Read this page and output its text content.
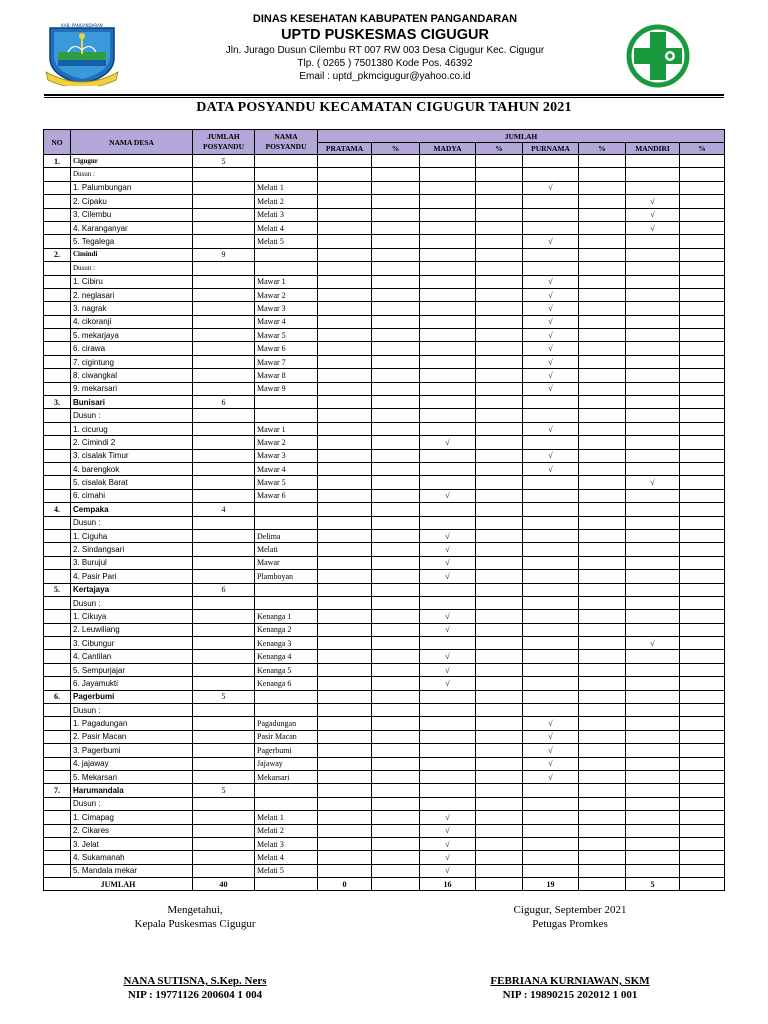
KAB. PANGANDARAN
DINAS KESEHATAN KABUPATEN PANGANDARAN
UPTD PUSKESMAS CIGUGUR
Jln. Jurago Dusun Cilembu RT 007 RW 003 Desa Cigugur Kec. Cigugur
Tlp. ( 0265 ) 7501380 Kode Pos. 46392
Email : uptd_pkmcigugur@yahoo.co.id
DATA POSYANDU KECAMATAN CIGUGUR TAHUN 2021
NO	NAMA DESA	JUMLAH POSYANDU	NAMA POSYANDU	JUMLAH							
				PRATAMA	%	MADYA	%	PURNAMA	%	MANDIRI	%
1.	Cigugur	5									
	Dusun :										
	1. Palumbungan		Melati 1					√			
	2. Cipaku		Melati 2							√	
	3. Cilembu		Melati 3							√	
	4. Karanganyar		Melati 4							√	
	5. Tegalega		Melati 5					√			
2.	Cimindi	9									
	Dusun :										
	1. Cibiru		Mawar 1					√			
	2. neglasari		Mawar 2					√			
	3. nagrak		Mawar 3					√			
	4. cikoranji		Mawar 4					√			
	5. mekarjaya		Mawar 5					√			
	6. cirawa		Mawar 6					√			
	7. cigintung		Mawar 7					√			
	8. ciwangkal		Mawar 8					√			
	9. mekarsari		Mawar 9					√			
3.	Bunisari	6									
	Dusun :										
	1. cicurug		Mawar 1					√			
	2. Cimindi 2		Mawar 2			√					
	3. cisalak Timur		Mawar 3					√			
	4. barengkok		Mawar 4					√			
	5. cisalak Barat		Mawar 5							√	
	6. cimahi		Mawar 6			√					
4.	Cempaka	4									
	Dusun :										
	1. Ciguha		Delima			√					
	2. Sindangsari		Melati			√					
	3. Burujul		Mawar			√					
	4. Pasir Pari		Plamboyan			√					
5.	Kertajaya	6									
	Dusun :										
	1. Cikuya		Kenanga 1			√					
	2. Leuwiliang		Kenanga 2			√					
	3. Cibungur		Kenanga 3							√	
	4. Cantilan		Kenanga 4			√					
	5. Sempurjajar		Kenanga 5			√					
	6. Jayamukti		Kenanga 6			√					
6.	Pagerbumi	5									
	Dusun :										
	1. Pagadungan		Pagadungan					√			
	2. Pasir Macan		Pasir Macan					√			
	3. Pagerbumi		Pagerbumi					√			
	4. jajaway		Jajaway					√			
	5. Mekarsari		Mekarsari					√			
7.	Harumandala	5									
	Dusun :										
	1. Cimapag		Melati 1			√					
	2. Cikares		Melati 2			√					
	3. Jelat		Melati 3			√					
	4. Sukamanah		Melati 4			√					
	5. Mandala mekar		Melati 5			√					
JUMLAH		40		0		16		19		5	
Mengetahui,
Kepala Puskesmas Cigugur
Cigugur, September 2021
Petugas Promkes
NANA SUTISNA, S.Kep. Ners
NIP : 19771126 200604 1 004
FEBRIANA KURNIAWAN, SKM
NIP : 19890215 202012 1 001
